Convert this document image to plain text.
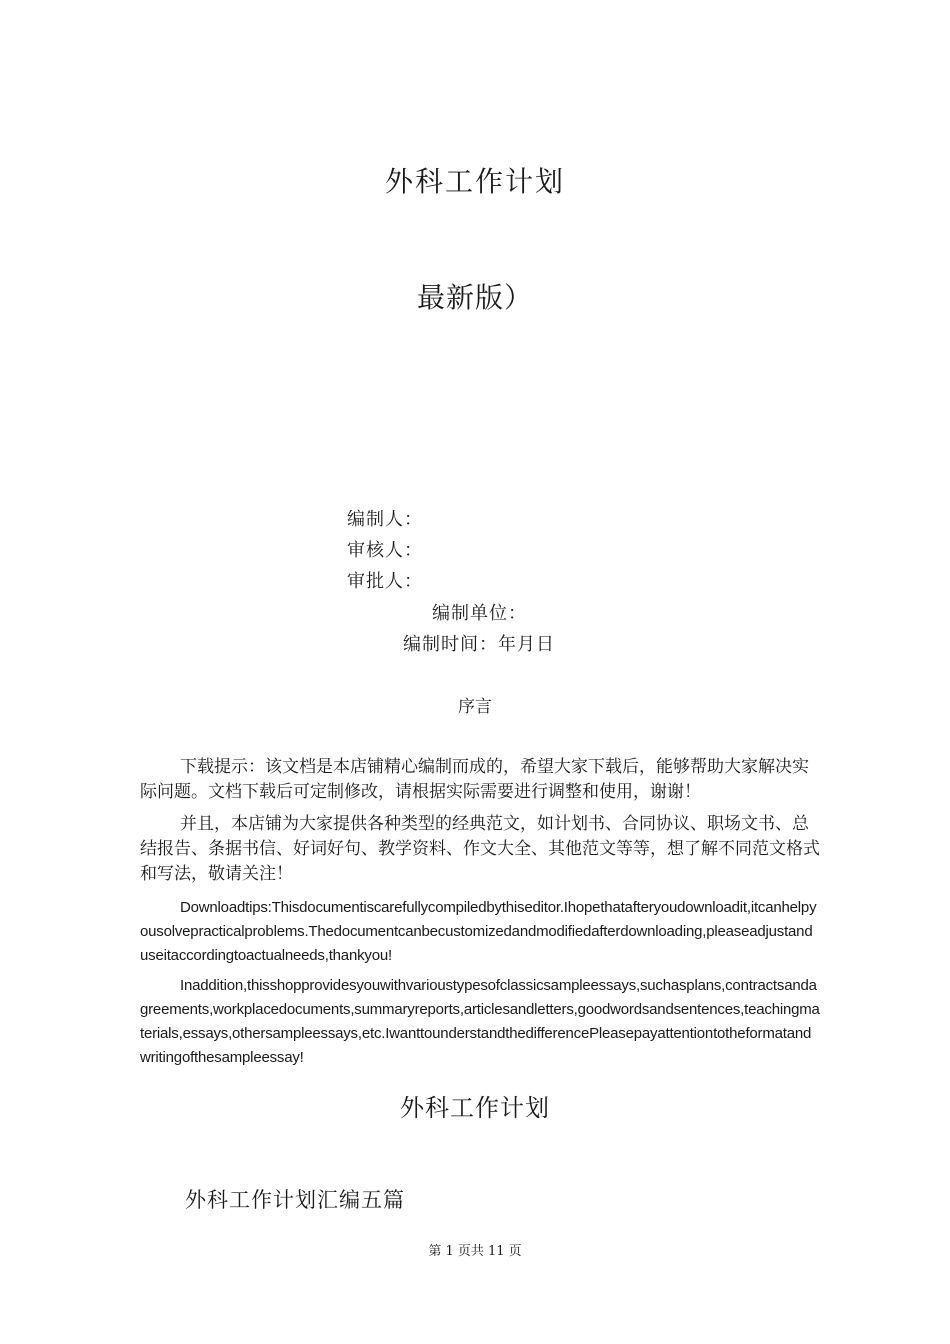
外科工作计划
最新版）
编制人：
审核人：
审批人：
编制单位：
编制时间：年月日
序言
下载提示：该文档是本店铺精心编制而成的，希望大家下载后，能够帮助大家解决实际问题。文档下载后可定制修改，请根据实际需要进行调整和使用，谢谢！
并且，本店铺为大家提供各种类型的经典范文，如计划书、合同协议、职场文书、总结报告、条据书信、好词好句、教学资料、作文大全、其他范文等等，想了解不同范文格式和写法，敬请关注！
Downloadtips:Thisdocumentiscarefullycompiledbythiseditor.Ihopethatafteryoudownloadit,itcanhelpyousolvepracticalproblems.Thedocumentcanbecustomizedandmodifiedafterdownloading,pleaseadjustanduseitaccordingtoactualneeds,thankyou!
Inaddition,thisshopprovidesyouwithvarioustypesofclassicsampleessays,suchasplans,contractsandagreements,workplacedocuments,summaryreports,articlesandletters,goodwordsandsentences,teachingmaterials,essays,othersampleessays,etc.IwanttounderstandthedifferencePleasepayattentiontotheformatandwritingofthesampleessay!
外科工作计划
外科工作计划汇编五篇
第 1 页共 11 页
